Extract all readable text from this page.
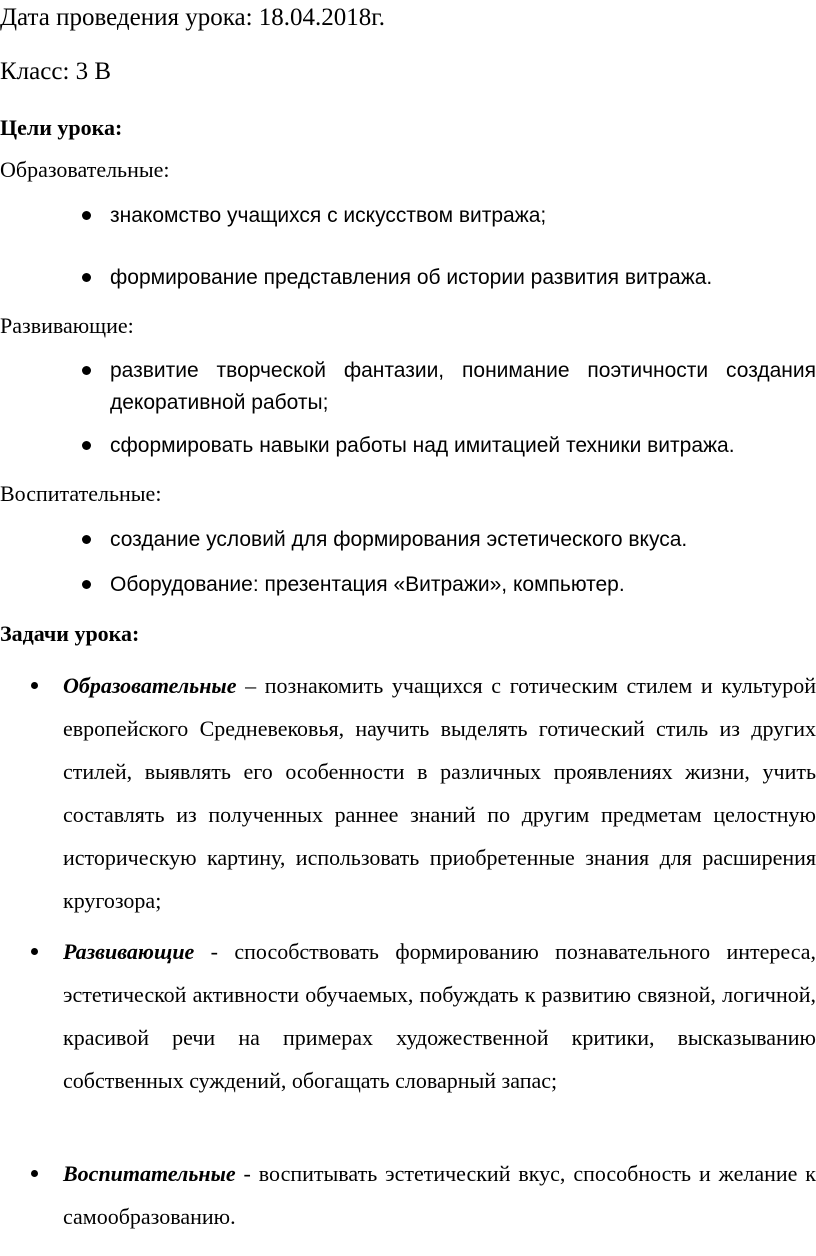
Дата проведения урока: 18.04.2018г.
Класс: 3 В
Цели урока:
Образовательные:
знакомство учащихся с искусством витража;
формирование представления об истории развития витража.
Развивающие:
развитие творческой фантазии, понимание поэтичности создания декоративной работы;
сформировать навыки работы над имитацией техники витража.
Воспитательные:
создание условий для формирования эстетического вкуса.
Оборудование: презентация «Витражи», компьютер.
Задачи урока:
Образовательные – познакомить учащихся с готическим стилем и культурой европейского Средневековья, научить выделять готический стиль из других стилей, выявлять его особенности в различных проявлениях жизни, учить составлять из полученных раннее знаний по другим предметам целостную историческую картину, использовать приобретенные знания для расширения кругозора;
Развивающие - способствовать формированию познавательного интереса, эстетической активности обучаемых, побуждать к развитию связной, логичной, красивой речи на примерах художественной критики, высказыванию собственных суждений, обогащать словарный запас;
Воспитательные - воспитывать эстетический вкус, способность и желание к самообразованию.
